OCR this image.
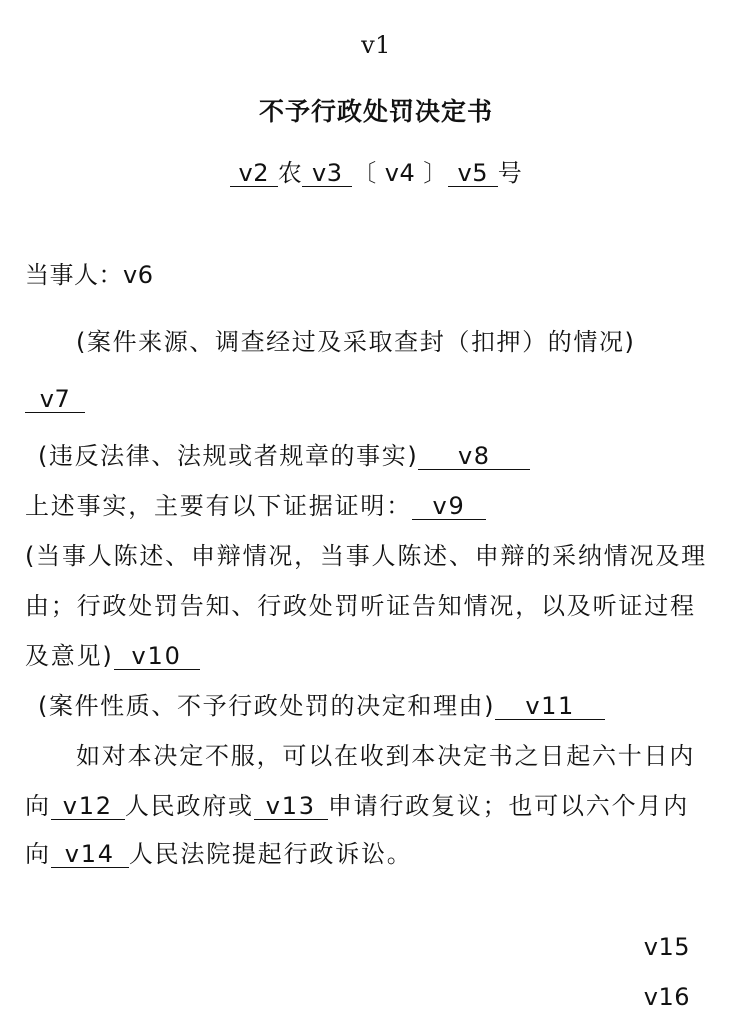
v1
不予行政处罚决定书
v2 农 v3 〔 v4 〕 v5 号
当事人：v6
(案件来源、调查经过及采取查封（扣押）的情况)
v7
(违反法律、法规或者规章的事实) v8
上述事实，主要有以下证据证明： v9
(当事人陈述、申辩情况，当事人陈述、申辩的采纳情况及理
由；行政处罚告知、行政处罚听证告知情况，以及听证过程
及意见) v10
(案件性质、不予行政处罚的决定和理由) v11
如对本决定不服，可以在收到本决定书之日起六十日内
向 v12 人民政府或 v13 申请行政复议；也可以六个月内
向 v14 人民法院提起行政诉讼。
v15
v16
